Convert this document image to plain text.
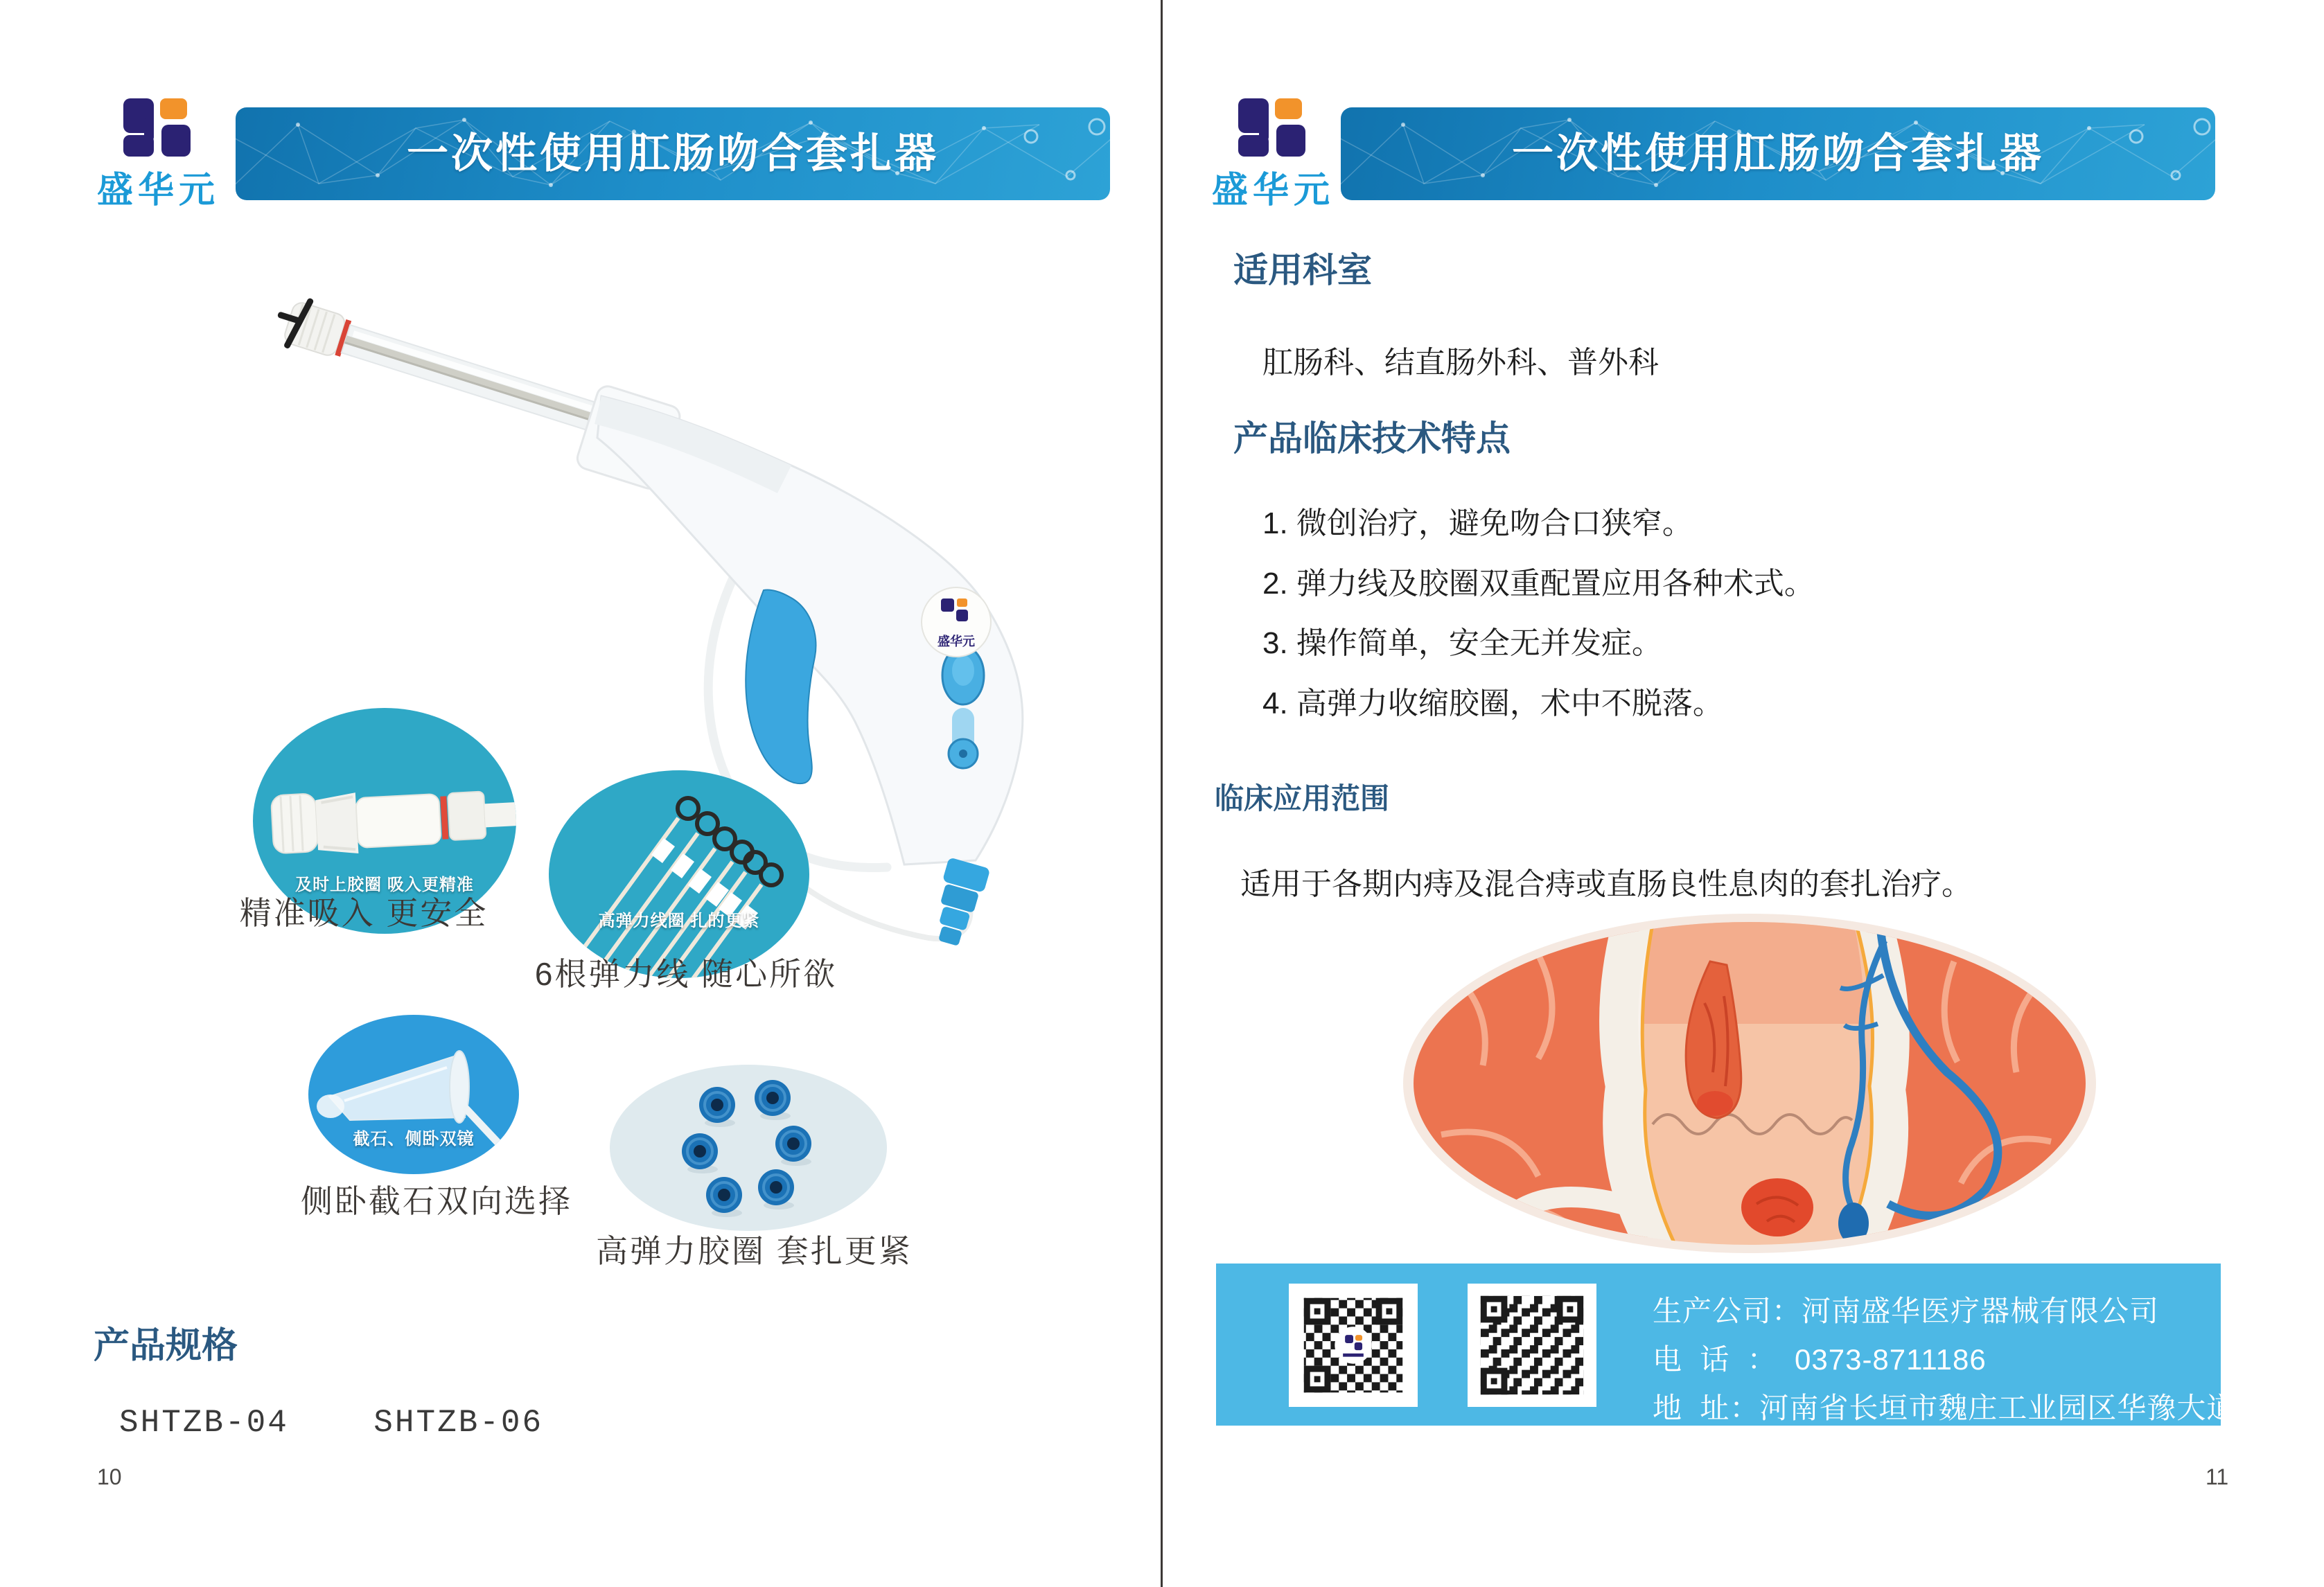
盛华元
一次性使用肛肠吻合套扎器
盛华元
及时上胶圈 吸入更精准
精准吸入 更安全	高弹力线圈 扎的更紧
6根弹力线 随心所欲
截石、侧卧双镜
侧卧截石双向选择
高弹力胶圈 套扎更紧
产品规格
SHTZB-04    SHTZB-06
10
盛华元
一次性使用肛肠吻合套扎器
适用科室
肛肠科、结直肠外科、普外科
产品临床技术特点
1. 微创治疗，避免吻合口狭窄。
2. 弹力线及胶圈双重配置应用各种术式。
3. 操作简单，安全无并发症。
4. 高弹力收缩胶圈，术中不脱落。
临床应用范围
适用于各期内痔及混合痔或直肠良性息肉的套扎治疗。
生产公司：河南盛华医疗器械有限公司
电  话  ：  0373-8711186
地  址：河南省长垣市魏庄工业园区华豫大道西侧
11
